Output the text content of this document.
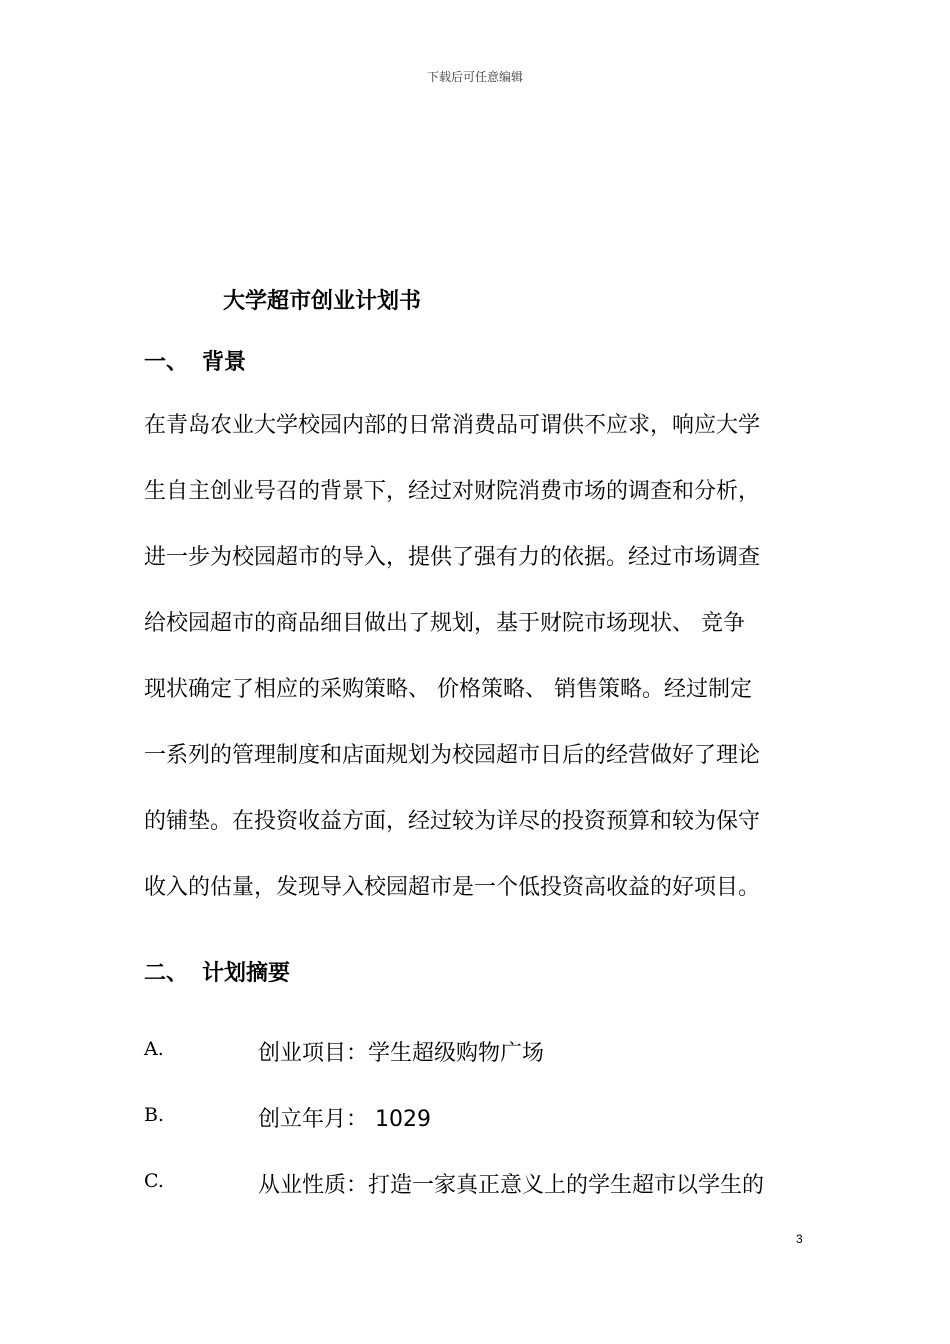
下载后可任意编辑
大学超市创业计划书
一、 背景
在青岛农业大学校园内部的日常消费品可谓供不应求，响应大学
生自主创业号召的背景下，经过对财院消费市场的调查和分析，
进一步为校园超市的导入，提供了强有力的依据。经过市场调查
给校园超市的商品细目做出了规划，基于财院市场现状、 竞争
现状确定了相应的采购策略、 价格策略、 销售策略。经过制定
一系列的管理制度和店面规划为校园超市日后的经营做好了理论
的铺垫。在投资收益方面，经过较为详尽的投资预算和较为保守
收入的估量，发现导入校园超市是一个低投资高收益的好项目。
二、 计划摘要
A.	创业项目：学生超级购物广场
B.	创立年月： 1029
C.	从业性质：打造一家真正意义上的学生超市以学生的
3
